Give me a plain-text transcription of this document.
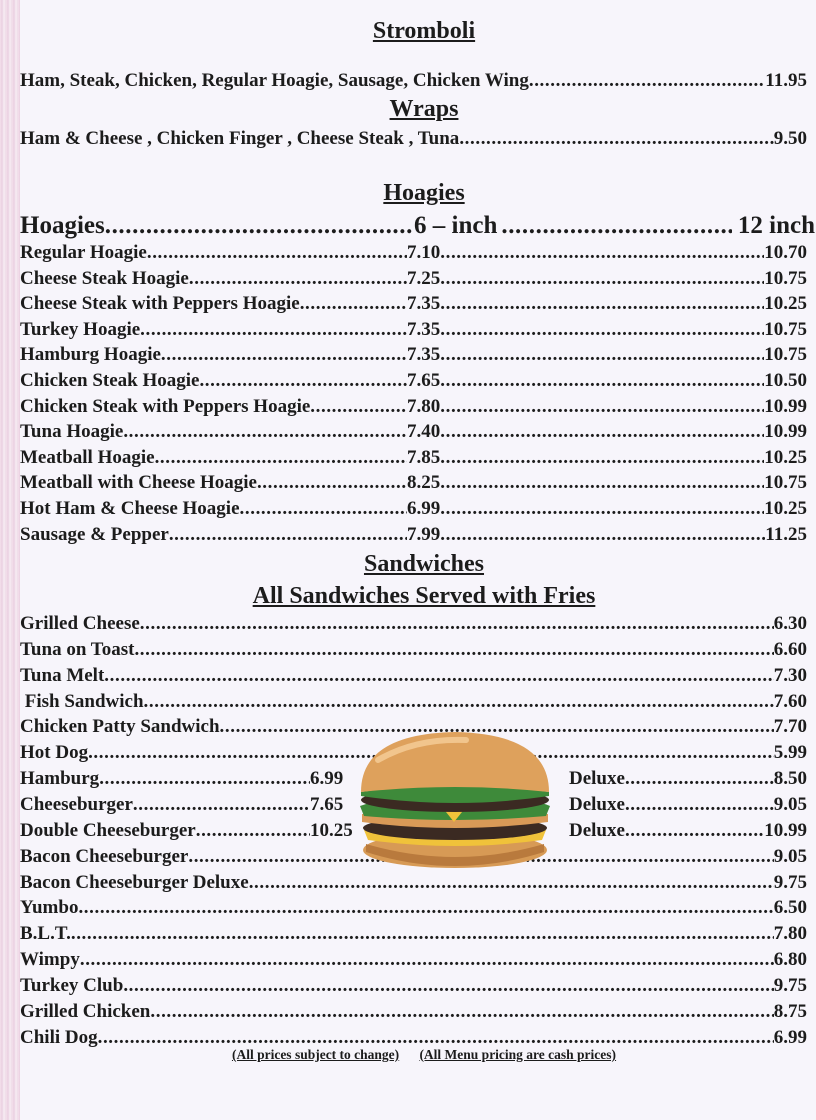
Stromboli
Ham, Steak, Chicken, Regular Hoagie, Sausage, Chicken Wing .....	11.95
Wraps
Ham & Cheese , Chicken Finger , Cheese Steak , Tuna .....	9.50
Hoagies
Hoagies .....	6 – inch .....	12 inch
Regular Hoagie .....	7.10 .....	10.70
Cheese Steak Hoagie .....	7.25 .....	10.75
Cheese Steak with Peppers Hoagie .....	7.35 .....	10.25
Turkey Hoagie .....	7.35 .....	10.75
Hamburg Hoagie .....	7.35 .....	10.75
Chicken Steak Hoagie .....	7.65 .....	10.50
Chicken Steak with Peppers Hoagie .....	7.80 .....	10.99
Tuna Hoagie .....	7.40 .....	10.99
Meatball Hoagie .....	7.85 .....	10.25
Meatball with Cheese Hoagie .....	8.25 .....	10.75
Hot Ham & Cheese Hoagie .....	6.99 .....	10.25
Sausage & Pepper .....	7.99 .....	11.25
Sandwiches
All Sandwiches Served with Fries
Grilled Cheese .....	6.30
Tuna on Toast .....	6.60
Tuna Melt .....	7.30
Fish Sandwich .....	7.60
Chicken Patty Sandwich .....	7.70
Hot Dog .....	5.99
Hamburg .....	6.99	Deluxe .....	8.50
Cheeseburger .....	7.65	Deluxe .....	9.05
Double Cheeseburger .....	10.25	Deluxe .....	10.99
Bacon Cheeseburger .....	9.05
Bacon Cheeseburger Deluxe .....	9.75
Yumbo .....	6.50
B.L.T. .....	7.80
Wimpy .....	6.80
Turkey Club .....	9.75
Grilled Chicken .....	8.75
Chili Dog .....	6.99
(All prices subject to change) (All Menu pricing are cash prices)
